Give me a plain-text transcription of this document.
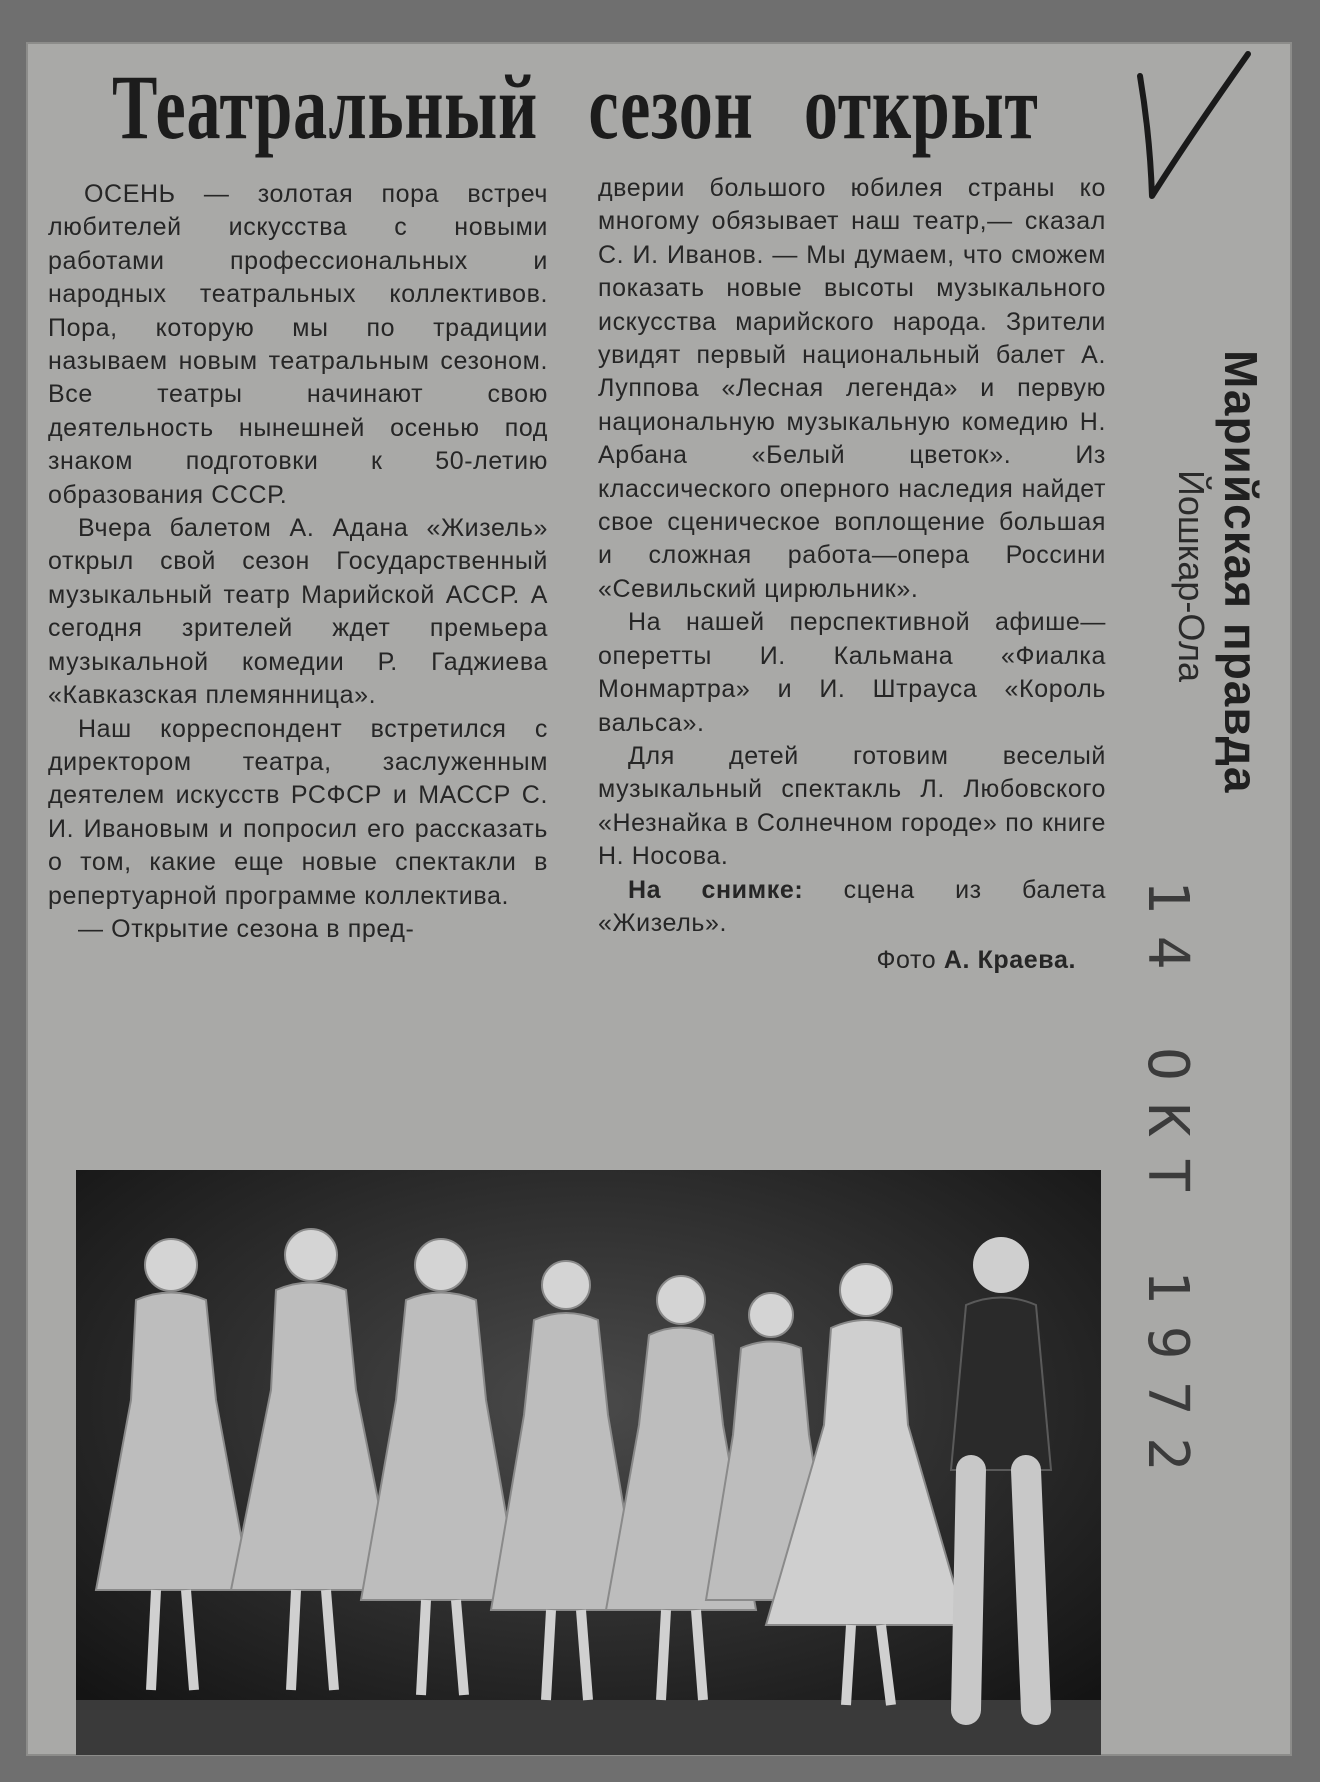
Театральный сезон открыт

ОСЕНЬ — золотая пора встреч любителей искусства с новыми работами профессиональных и народных театральных коллективов. Пора, которую мы по традиции называем новым театральным сезоном. Все театры начинают свою деятельность нынешней осенью под знаком подготовки к 50-летию образования СССР.

Вчера балетом А. Адана «Жизель» открыл свой сезон Государственный музыкальный театр Марийской АССР. А сегодня зрителей ждет премьера музыкальной комедии Р. Гаджиева «Кавказская племянница».

Наш корреспондент встретился с директором театра, заслуженным деятелем искусств РСФСР и МАССР С. И. Ивановым и попросил его рассказать о том, какие еще новые спектакли в репертуарной программе коллектива.

— Открытие сезона в пред-

дверии большого юбилея страны ко многому обязывает наш театр,— сказал С. И. Иванов. — Мы думаем, что сможем показать новые высоты музыкального искусства марийского народа. Зрители увидят первый национальный балет А. Луппова «Лесная легенда» и первую национальную музыкальную комедию Н. Арбана «Белый цветок». Из классического оперного наследия найдет свое сценическое воплощение большая и сложная работа—опера Россини «Севильский цирюльник».

На нашей перспективной афише—оперетты И. Кальмана «Фиалка Монмартра» и И. Штрауса «Король вальса».

Для детей готовим веселый музыкальный спектакль Л. Любовского «Незнайка в Солнечном городе» по книге Н. Носова.

На снимке: сцена из балета «Жизель».

Фото А. Краева.

Марийская правда
Йошкар-Ола
14 ОКТ 1972
